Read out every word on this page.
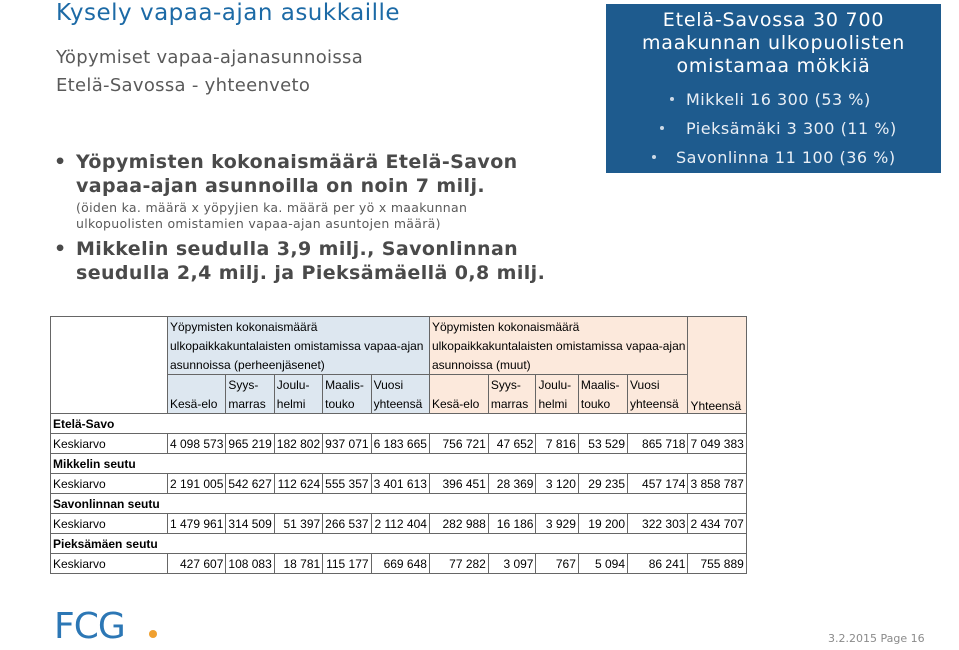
Kysely vapaa-ajan asukkaille
Yöpymiset vapaa-ajanasunnoissa
Etelä-Savossa - yhteenveto
• Yöpymisten kokonaismäärä Etelä-Savon vapaa-ajan asunnoilla on noin 7 milj.
(öiden ka. määrä x yöpyjien ka. määrä per yö x maakunnan ulkopuolisten omistamien vapaa-ajan asuntojen määrä)
• Mikkelin seudulla 3,9 milj., Savonlinnan seudulla 2,4 milj. ja Pieksämäellä 0,8 milj.
Etelä-Savossa 30 700 maakunnan ulkopuolisten omistamaa mökkiä
Mikkeli 16 300 (53 %)
Pieksämäki 3 300 (11 %)
Savonlinna 11 100 (36 %)
	Yöpymisten kokonaismäärä					Yöpymisten kokonaismäärä					Yhteensä
	ulkopaikkakuntalaisten omistamissa vapaa-ajan					ulkopaikkakuntalaisten omistamissa vapaa-ajan					
	asunnoissa (perheenjäsenet)					asunnoissa (muut)					
		Syys-	Joulu-	Maalis-	Vuosi		Syys-	Joulu-	Maalis-	Vuosi	
	Kesä-elo	marras	helmi	touko	yhteensä	Kesä-elo	marras	helmi	touko	yhteensä	
Etelä-Savo											
Keskiarvo	4 098 573	965 219	182 802	937 071	6 183 665	756 721	47 652	7 816	53 529	865 718	7 049 383
Mikkelin seutu											
Keskiarvo	2 191 005	542 627	112 624	555 357	3 401 613	396 451	28 369	3 120	29 235	457 174	3 858 787
Savonlinnan seutu											
Keskiarvo	1 479 961	314 509	51 397	266 537	2 112 404	282 988	16 186	3 929	19 200	322 303	2 434 707
Pieksämäen seutu											
Keskiarvo	427 607	108 083	18 781	115 177	669 648	77 282	3 097	767	5 094	86 241	755 889
FCG	3.2.2015 Page 16
